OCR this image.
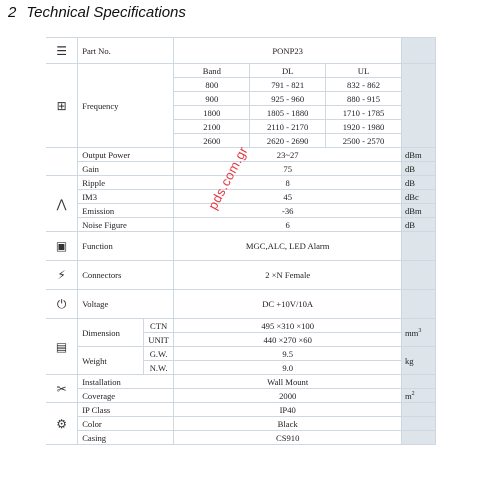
2 Technical Specifications
☰	Part No.		PONP23			
⊞	Frequency		Band	DL	UL	
			800	791 - 821	832 - 862	
			900	925 - 960	880 - 915	
			1800	1805 - 1880	1710 - 1785	
			2100	2110 - 2170	1920 - 1980	
			2600	2620 - 2690	2500 - 2570	
	Output Power		23~27			dBm
	Gain		75			dB
⋀	Ripple		8			dB
	IM3		45			dBc
	Emission		-36			dBm
	Noise Figure		6			dB
▣	Function		MGC,ALC, LED Alarm			
⚡	Connectors		2 ×N Female			
⏻	Voltage		DC +10V/10A			
▤	Dimension	CTN	495 ×310 ×100			$mm^3$
		UNIT	440 ×270 ×60			
	Weight	G.W.	9.5			kg
		N.W.	9.0			
✂	Installation		Wall Mount			
	Coverage		2000			$m^2$
⚙	IP Class		IP40			
	Color		Black			
	Casing		CS910			
pds.com.gr
